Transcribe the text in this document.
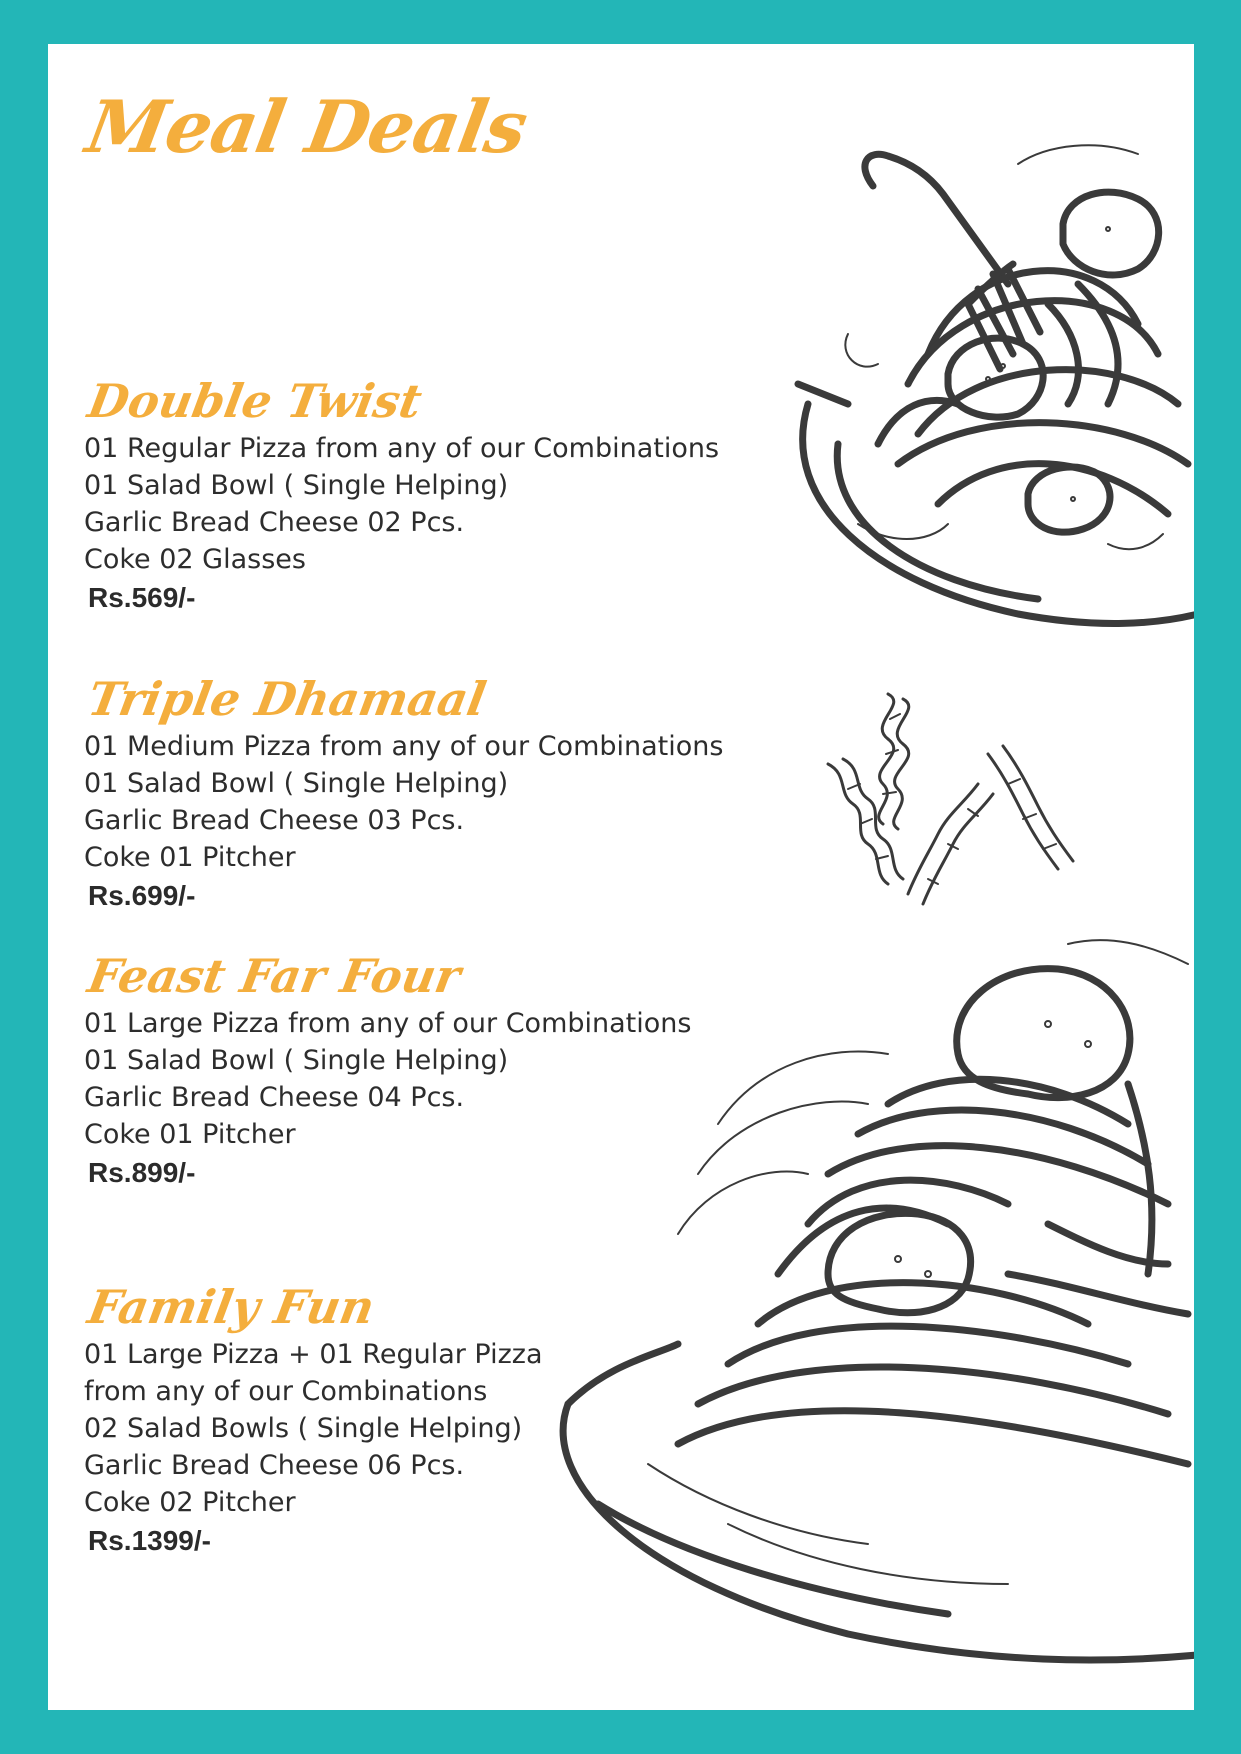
Meal Deals
Double Twist
01 Regular Pizza from any of our Combinations
01 Salad Bowl ( Single Helping)
Garlic Bread Cheese 02 Pcs.
Coke 02 Glasses
Rs.569/-
Triple Dhamaal
01 Medium Pizza from any of our Combinations
01 Salad Bowl ( Single Helping)
Garlic Bread Cheese 03 Pcs.
Coke 01 Pitcher
Rs.699/-
Feast Far Four
01 Large Pizza from any of our Combinations
01 Salad Bowl ( Single Helping)
Garlic Bread Cheese 04 Pcs.
Coke 01 Pitcher
Rs.899/-
Family Fun
01 Large Pizza + 01 Regular Pizza
from any of our Combinations
02 Salad Bowls ( Single Helping)
Garlic Bread Cheese 06 Pcs.
Coke 02 Pitcher
Rs.1399/-
